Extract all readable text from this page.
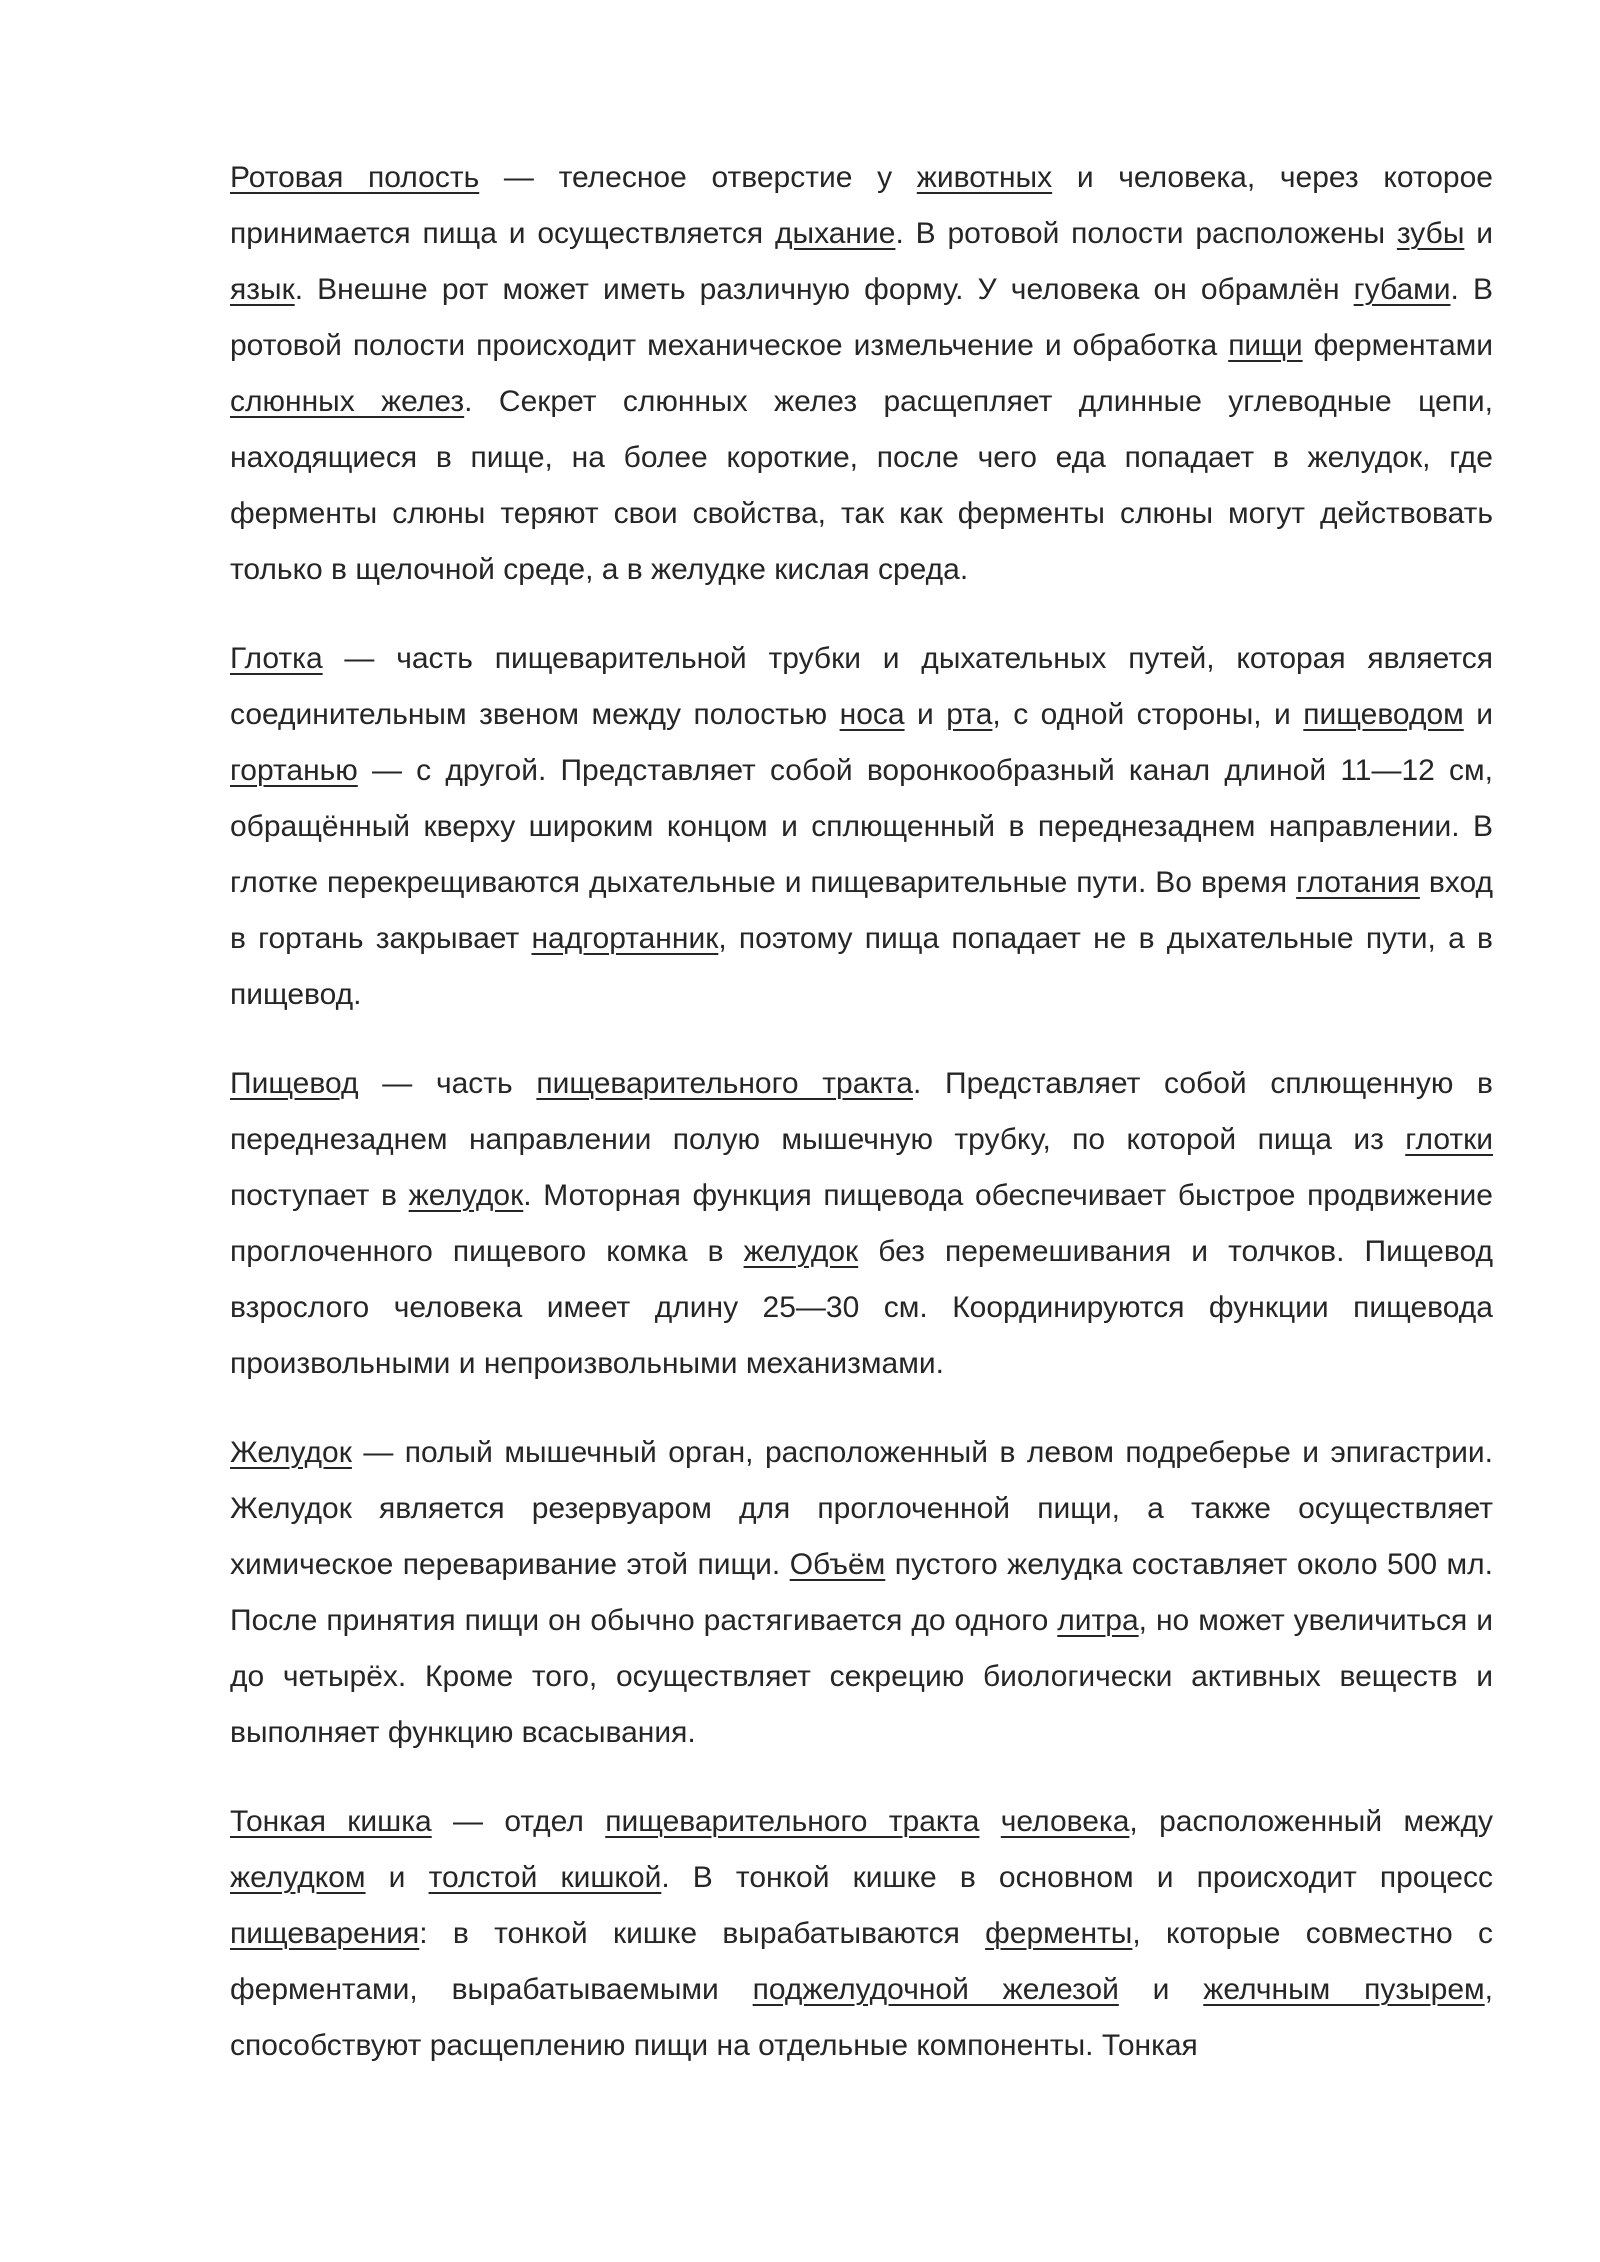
Ротовая полость — телесное отверстие у животных и человека, через которое принимается пища и осуществляется дыхание. В ротовой полости расположены зубы и язык. Внешне рот может иметь различную форму. У человека он обрамлён губами. В ротовой полости происходит механическое измельчение и обработка пищи ферментами слюнных желез. Секрет слюнных желез расщепляет длинные углеводные цепи, находящиеся в пище, на более короткие, после чего еда попадает в желудок, где ферменты слюны теряют свои свойства, так как ферменты слюны могут действовать только в щелочной среде, а в желудке кислая среда.

Глотка — часть пищеварительной трубки и дыхательных путей, которая является соединительным звеном между полостью носа и рта, с одной стороны, и пищеводом и гортанью — с другой. Представляет собой воронкообразный канал длиной 11—12 см, обращённый кверху широким концом и сплющенный в переднезаднем направлении. В глотке перекрещиваются дыхательные и пищеварительные пути. Во время глотания вход в гортань закрывает надгортанник, поэтому пища попадает не в дыхательные пути, а в пищевод.

Пищевод — часть пищеварительного тракта. Представляет собой сплющенную в переднезаднем направлении полую мышечную трубку, по которой пища из глотки поступает в желудок. Моторная функция пищевода обеспечивает быстрое продвижение проглоченного пищевого комка в желудок без перемешивания и толчков. Пищевод взрослого человека имеет длину 25—30 см. Координируются функции пищевода произвольными и непроизвольными механизмами.

Желудок — полый мышечный орган, расположенный в левом подреберье и эпигастрии. Желудок является резервуаром для проглоченной пищи, а также осуществляет химическое переваривание этой пищи. Объём пустого желудка составляет около 500 мл. После принятия пищи он обычно растягивается до одного литра, но может увеличиться и до четырёх. Кроме того, осуществляет секрецию биологически активных веществ и выполняет функцию всасывания.

Тонкая кишка — отдел пищеварительного тракта человека, расположенный между желудком и толстой кишкой. В тонкой кишке в основном и происходит процесс пищеварения: в тонкой кишке вырабатываются ферменты, которые совместно с ферментами, вырабатываемыми поджелудочной железой и желчным пузырем, способствуют расщеплению пищи на отдельные компоненты. Тонкая
